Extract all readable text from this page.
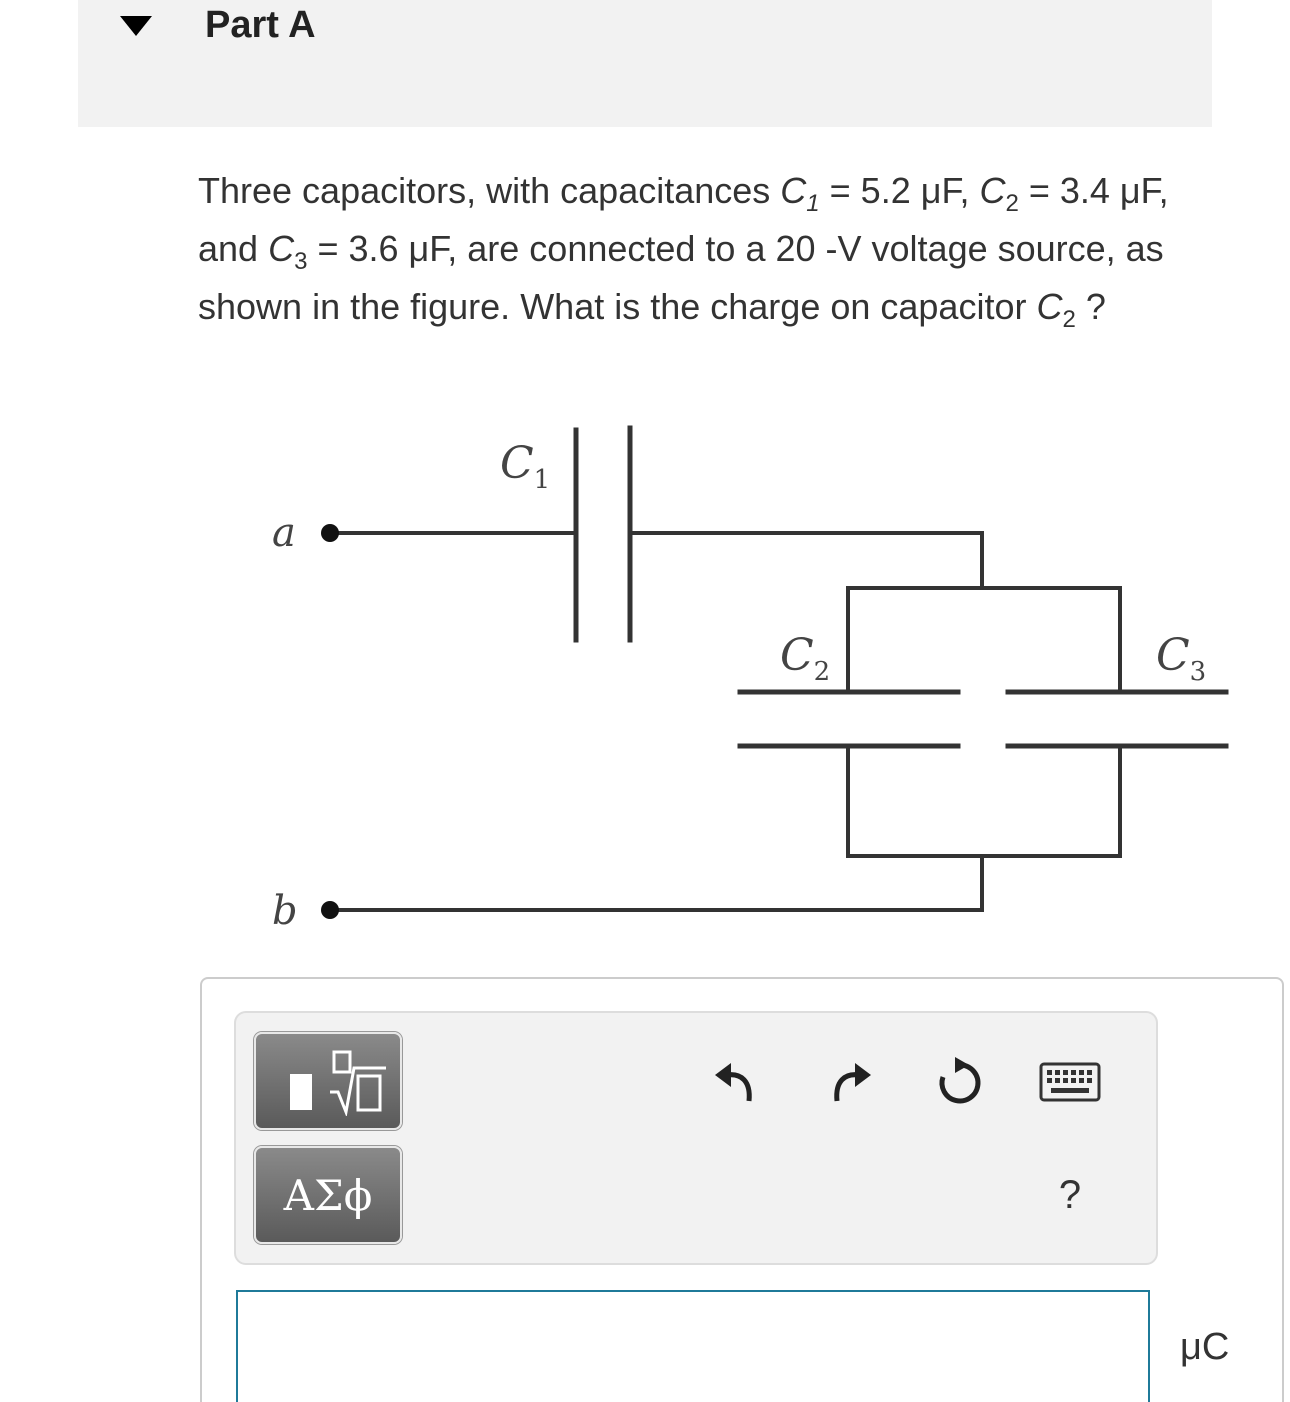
Part A
Three capacitors, with capacitances $C_1 = 5.2$ μF, $C_2 = 3.4$ μF, and $C_3 = 3.6$ μF, are connected to a 20 -V voltage source, as shown in the figure. What is the charge on capacitor $C_2$ ?
a
b
$C_1$
$C_2$	$C_3$
ΑΣϕ	?
μC
